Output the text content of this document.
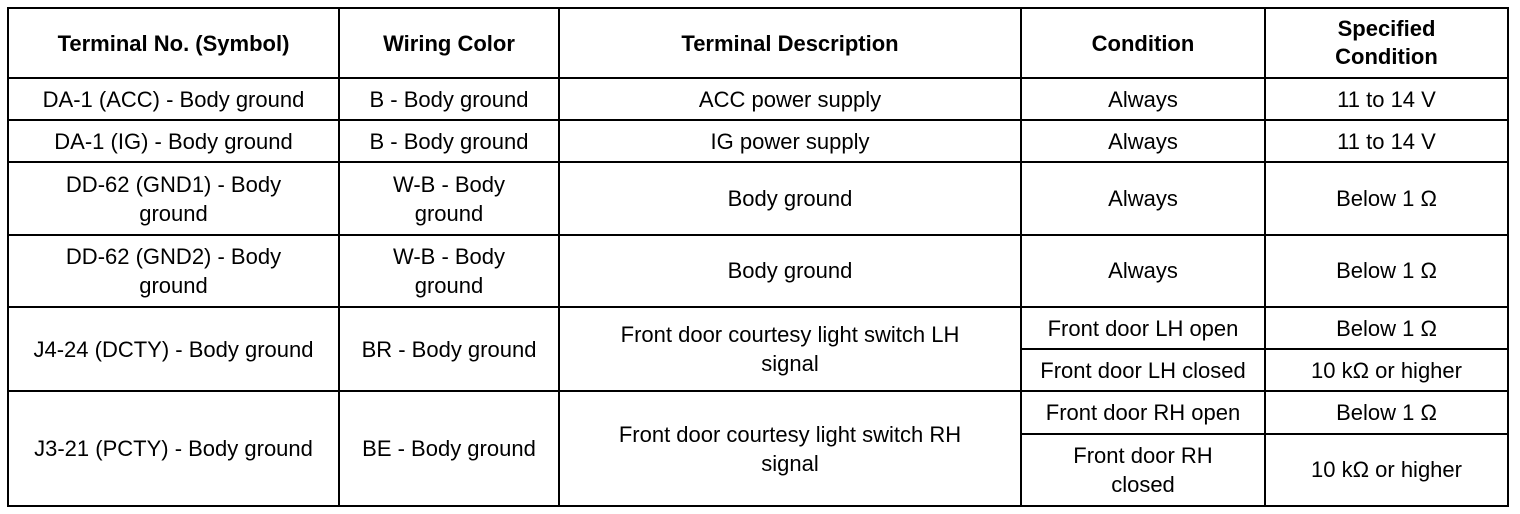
Terminal No. (Symbol)	Wiring Color	Terminal Description	Condition	Specified Condition
DA-1 (ACC) - Body ground	B - Body ground	ACC power supply	Always	11 to 14 V
DA-1 (IG) - Body ground	B - Body ground	IG power supply	Always	11 to 14 V
DD-62 (GND1) - Body ground	W-B - Body ground	Body ground	Always	Below 1 Ω
DD-62 (GND2) - Body ground	W-B - Body ground	Body ground	Always	Below 1 Ω
J4-24 (DCTY) - Body ground	BR - Body ground	Front door courtesy light switch LH signal	Front door LH open	Below 1 Ω
			Front door LH closed	10 kΩ or higher
J3-21 (PCTY) - Body ground	BE - Body ground	Front door courtesy light switch RH signal	Front door RH open	Below 1 Ω
			Front door RH closed	10 kΩ or higher
